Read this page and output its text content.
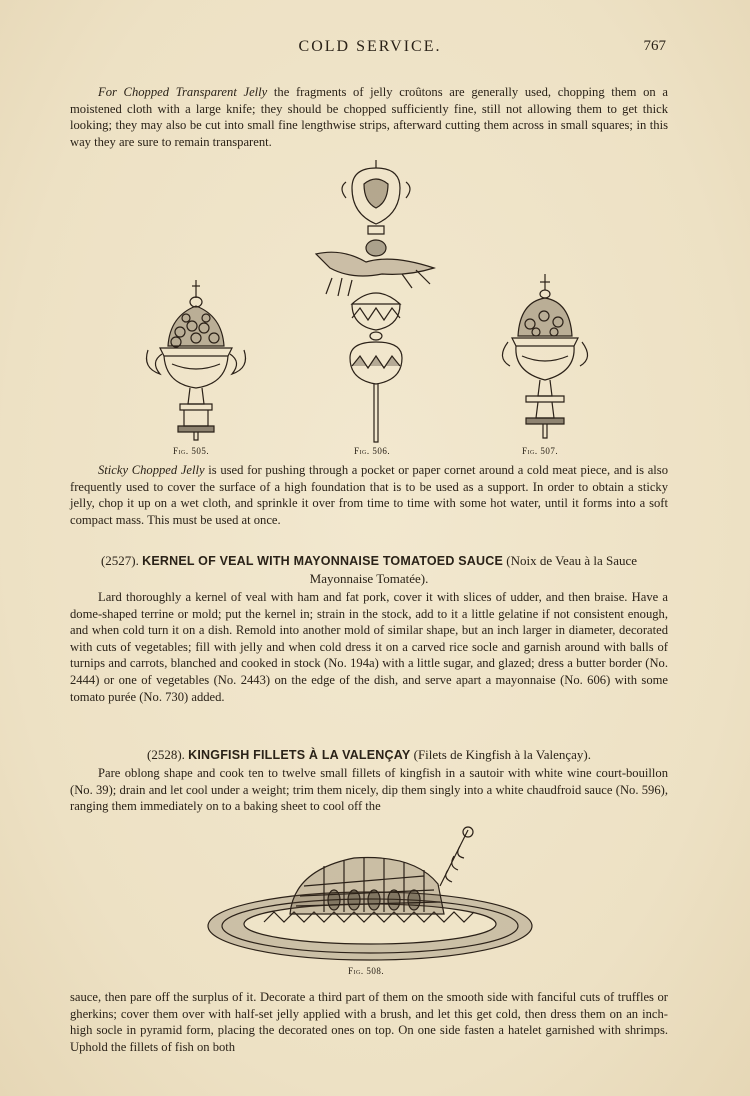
COLD SERVICE.	767

For Chopped Transparent Jelly the fragments of jelly croûtons are generally used, chopping them on a moistened cloth with a large knife; they should be chopped sufficiently fine, still not allowing them to get thick looking; they may also be cut into small fine lengthwise strips, afterward cutting them across in small squares; in this way they are sure to remain transparent.

Fig. 505.	Fig. 506.	Fig. 507.

Sticky Chopped Jelly is used for pushing through a pocket or paper cornet around a cold meat piece, and is also frequently used to cover the surface of a high foundation that is to be used as a support. In order to obtain a sticky jelly, chop it up on a wet cloth, and sprinkle it over from time to time with some hot water, until it forms into a soft compact mass. This must be used at once.

(2527). KERNEL OF VEAL WITH MAYONNAISE TOMATOED SAUCE (Noix de Veau à la Sauce Mayonnaise Tomatée).

Lard thoroughly a kernel of veal with ham and fat pork, cover it with slices of udder, and then braise. Have a dome-shaped terrine or mold; put the kernel in; strain in the stock, add to it a little gelatine if not consistent enough, and when cold turn it on a dish. Remold into another mold of similar shape, but an inch larger in diameter, decorated with cuts of vegetables; fill with jelly and when cold dress it on a carved rice socle and garnish around with balls of turnips and carrots, blanched and cooked in stock (No. 194a) with a little sugar, and glazed; dress a butter border (No. 2444) or one of vegetables (No. 2443) on the edge of the dish, and serve apart a mayonnaise (No. 606) with some tomato purée (No. 730) added.

(2528). KINGFISH FILLETS À LA VALENÇAY (Filets de Kingfish à la Valençay).

Pare oblong shape and cook ten to twelve small fillets of kingfish in a sautoir with white wine court-bouillon (No. 39); drain and let cool under a weight; trim them nicely, dip them singly into a white chaudfroid sauce (No. 596), ranging them immediately on to a baking sheet to cool off the

Fig. 508.

sauce, then pare off the surplus of it. Decorate a third part of them on the smooth side with fanciful cuts of truffles or gherkins; cover them over with half-set jelly applied with a brush, and let this get cold, then dress them on an inch-high socle in pyramid form, placing the decorated ones on top. On one side fasten a hatelet garnished with shrimps. Uphold the fillets of fish on both
